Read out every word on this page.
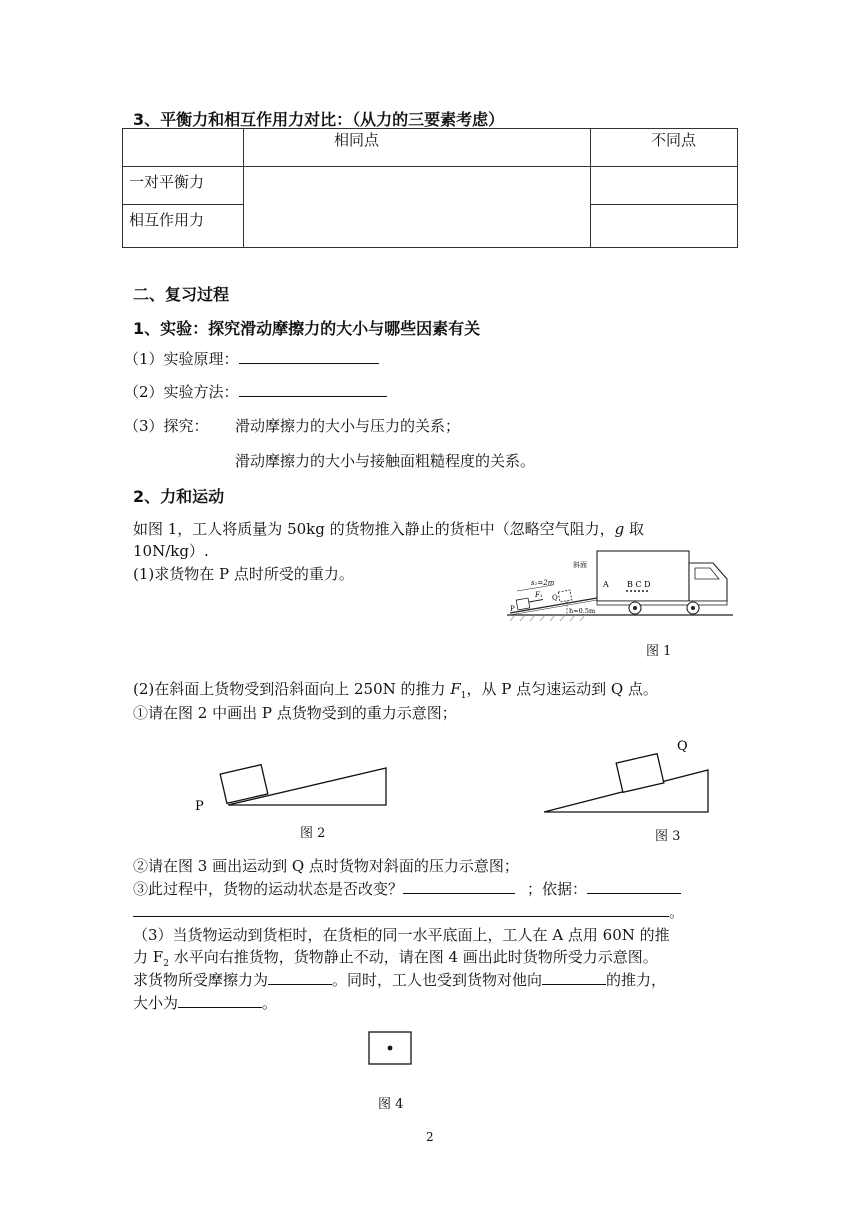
3、平衡力和相互作用力对比：（从力的三要素考虑）
	相同点	不同点
一对平衡力		
相互作用力		
二、复习过程
1、实验：探究滑动摩擦力的大小与哪些因素有关
（1）实验原理：
（2）实验方法：
（3）探究： 滑动摩擦力的大小与压力的关系；
滑动摩擦力的大小与接触面粗糙程度的关系。
2、力和运动
如图 1，工人将质量为 50kg 的货物推入静止的货柜中（忽略空气阻力，g 取
10N/kg）.
(1)求货物在 P 点时所受的重力。	s₁=2m
斜面
F₁
P
Q
A B C D
h=0.5m
图 1
(2)在斜面上货物受到沿斜面向上 250N 的推力 $F_1$，从 P 点匀速运动到 Q 点。
①请在图 2 中画出 P 点货物受到的重力示意图；
P
图 2
Q
图 3
②请在图 3 画出运动到 Q 点时货物对斜面的压力示意图；
③此过程中，货物的运动状态是否改变？	；依据：
。
（3）当货物运动到货柜时，在货柜的同一水平底面上，工人在 A 点用 60N 的推
力 $F_2$ 水平向右推货物，货物静止不动，请在图 4 画出此时货物所受力示意图。
求货物所受摩擦力为	。同时，工人也受到货物对他向	的推力，
大小为	。
图 4
2
